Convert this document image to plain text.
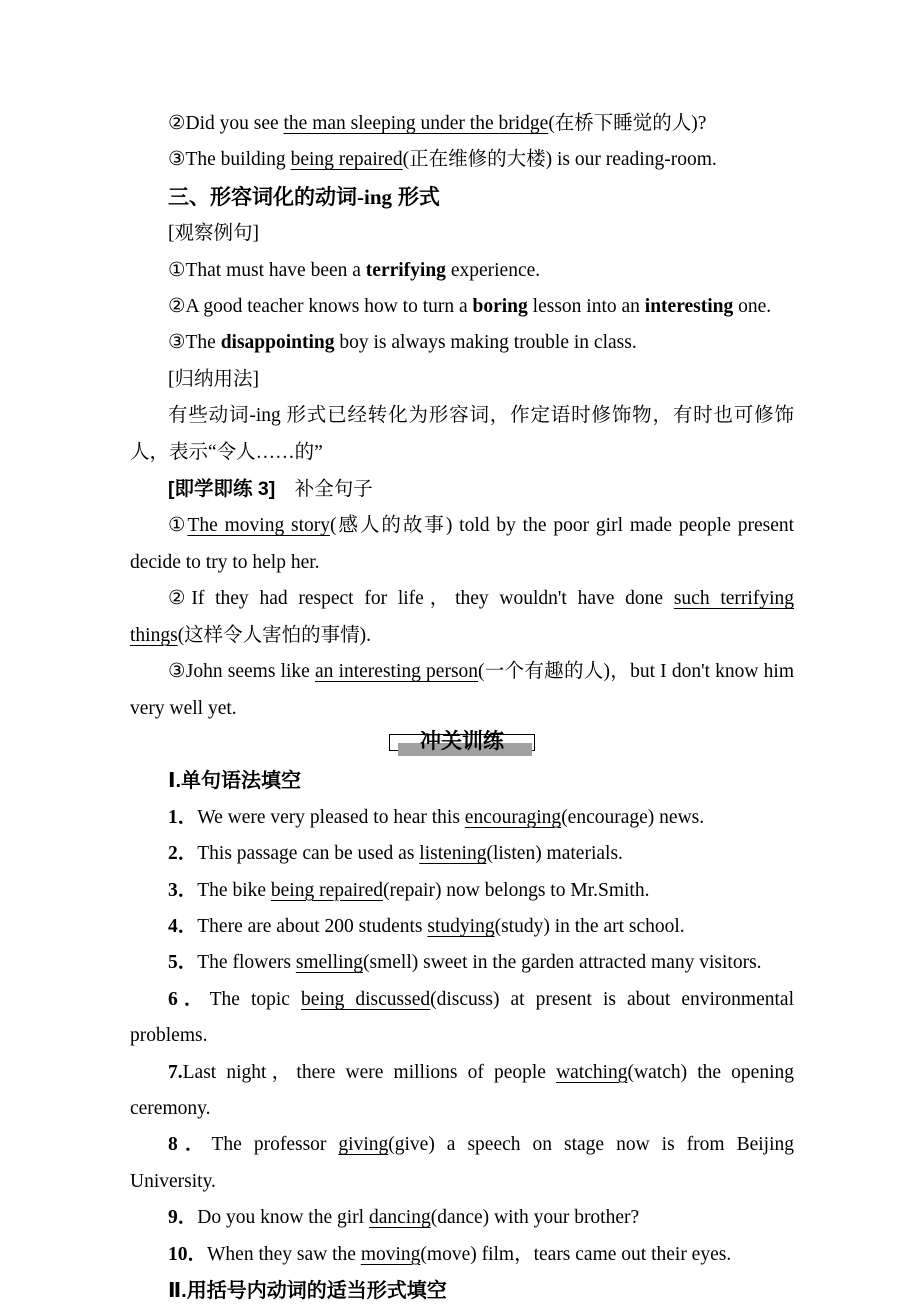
②Did you see the man sleeping under the bridge(在桥下睡觉的人)?

③The building being repaired(正在维修的大楼) is our reading-room.

三、形容词化的动词-ing 形式

[观察例句]

①That must have been a terrifying experience.

②A good teacher knows how to turn a boring lesson into an interesting one.

③The disappointing boy is always making trouble in class.

[归纳用法]

有些动词-ing 形式已经转化为形容词，作定语时修饰物，有时也可修饰人，表示“令人……的”

[即学即练 3]　补全句子

①The moving story(感人的故事) told by the poor girl made people present decide to try to help her.

②If they had respect for life，they wouldn't have done such terrifying things(这样令人害怕的事情).

③John seems like an interesting person(一个有趣的人)，but I don't know him very well yet.

冲关训练

Ⅰ.单句语法填空

1．We were very pleased to hear this encouraging(encourage) news.

2．This passage can be used as listening(listen) materials.

3．The bike being repaired(repair) now belongs to Mr.Smith.

4．There are about 200 students studying(study) in the art school.

5．The flowers smelling(smell) sweet in the garden attracted many visitors.

6．The topic being discussed(discuss) at present is about environmental problems.

7.Last night，there were millions of people watching(watch) the opening ceremony.

8．The professor giving(give) a speech on stage now is from Beijing University.

9．Do you know the girl dancing(dance) with your brother?

10．When they saw the moving(move) film，tears came out their eyes.

Ⅱ.用括号内动词的适当形式填空
